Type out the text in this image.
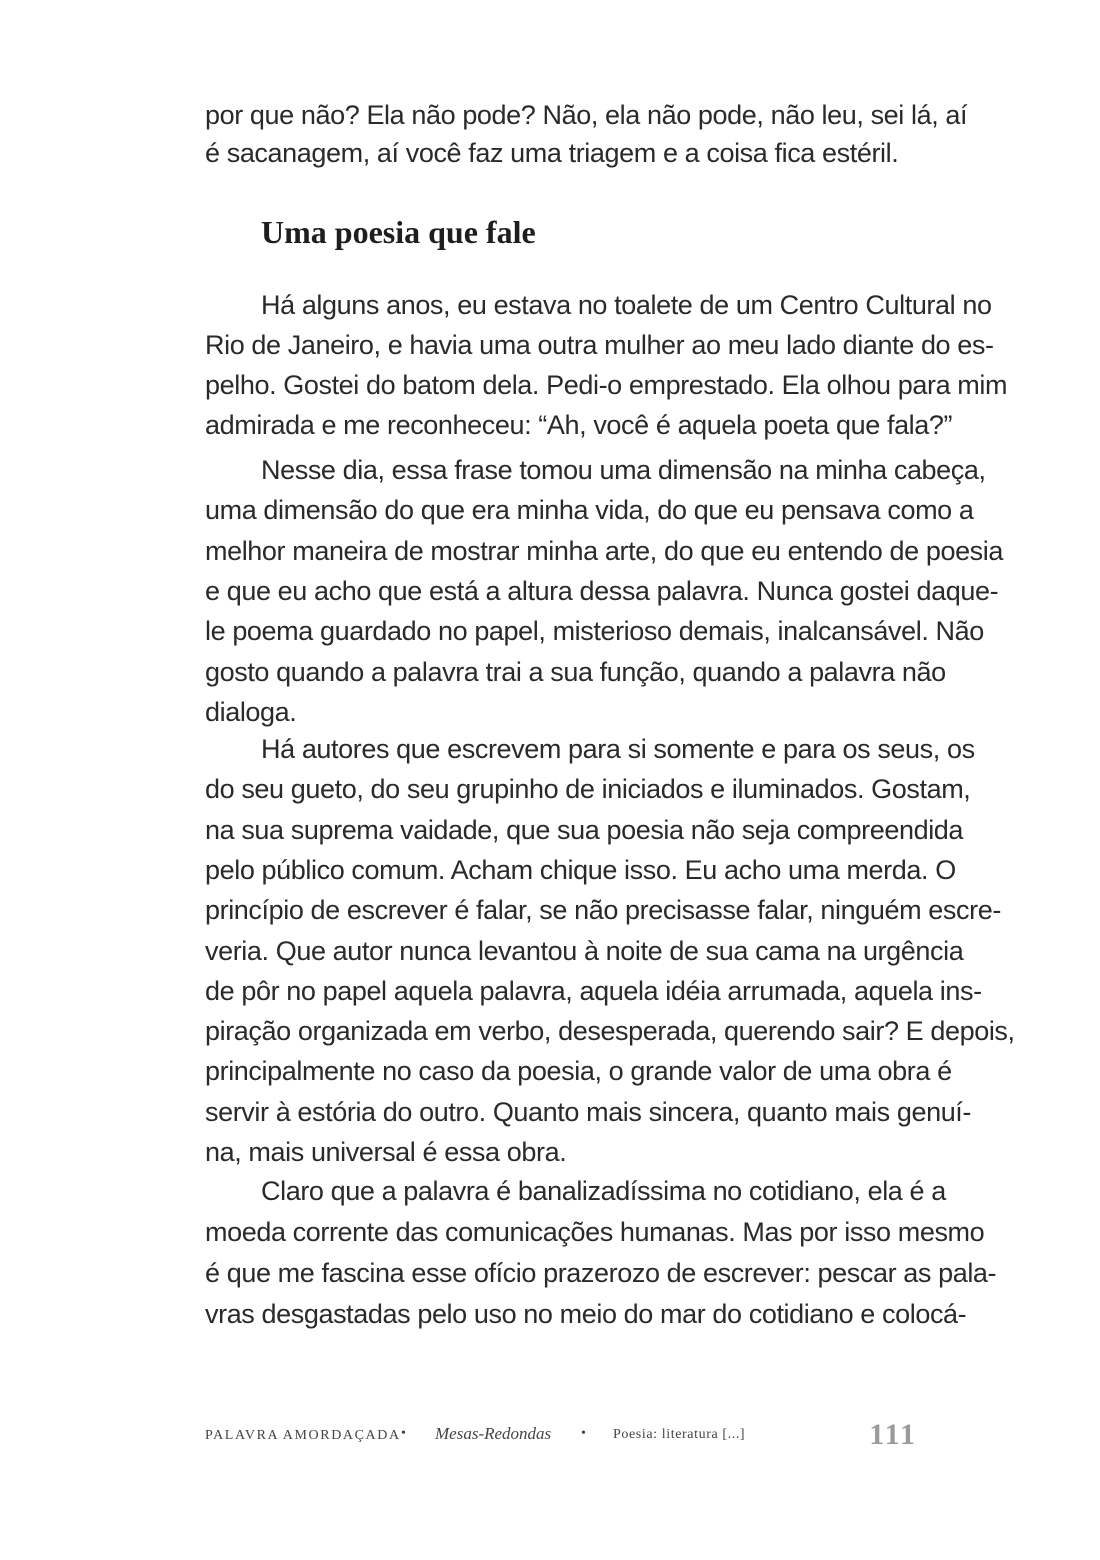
por que não? Ela não pode? Não, ela não pode, não leu, sei lá, aí
é sacanagem, aí você faz uma triagem e a coisa fica estéril.
Há alguns anos, eu estava no toalete de um Centro Cultural no
Rio de Janeiro, e havia uma outra mulher ao meu lado diante do es-
pelho. Gostei do batom dela. Pedi-o emprestado. Ela olhou para mim
admirada e me reconheceu: “Ah, você é aquela poeta que fala?”
Nesse dia, essa frase tomou uma dimensão na minha cabeça,
uma dimensão do que era minha vida, do que eu pensava como a
melhor maneira de mostrar minha arte, do que eu entendo de poesia
e que eu acho que está a altura dessa palavra. Nunca gostei daque-
le poema guardado no papel, misterioso demais, inalcansável. Não
gosto quando a palavra trai a sua função, quando a palavra não
dialoga.
Há autores que escrevem para si somente e para os seus, os
do seu gueto, do seu grupinho de iniciados e iluminados. Gostam,
na sua suprema vaidade, que sua poesia não seja compreendida
pelo público comum. Acham chique isso. Eu acho uma merda. O
princípio de escrever é falar, se não precisasse falar, ninguém escre-
veria. Que autor nunca levantou à noite de sua cama na urgência
de pôr no papel aquela palavra, aquela idéia arrumada, aquela ins-
piração organizada em verbo, desesperada, querendo sair? E depois,
principalmente no caso da poesia, o grande valor de uma obra é
servir à estória do outro. Quanto mais sincera, quanto mais genuí-
na, mais universal é essa obra.
Claro que a palavra é banalizadíssima no cotidiano, ela é a
moeda corrente das comunicações humanas. Mas por isso mesmo
é que me fascina esse ofício prazerozo de escrever: pescar as pala-
vras desgastadas pelo uso no meio do mar do cotidiano e colocá-
Uma poesia que fale
PALAVRA AMORDAÇADA • Mesas-Redondas • Poesia: literatura [...]	111
